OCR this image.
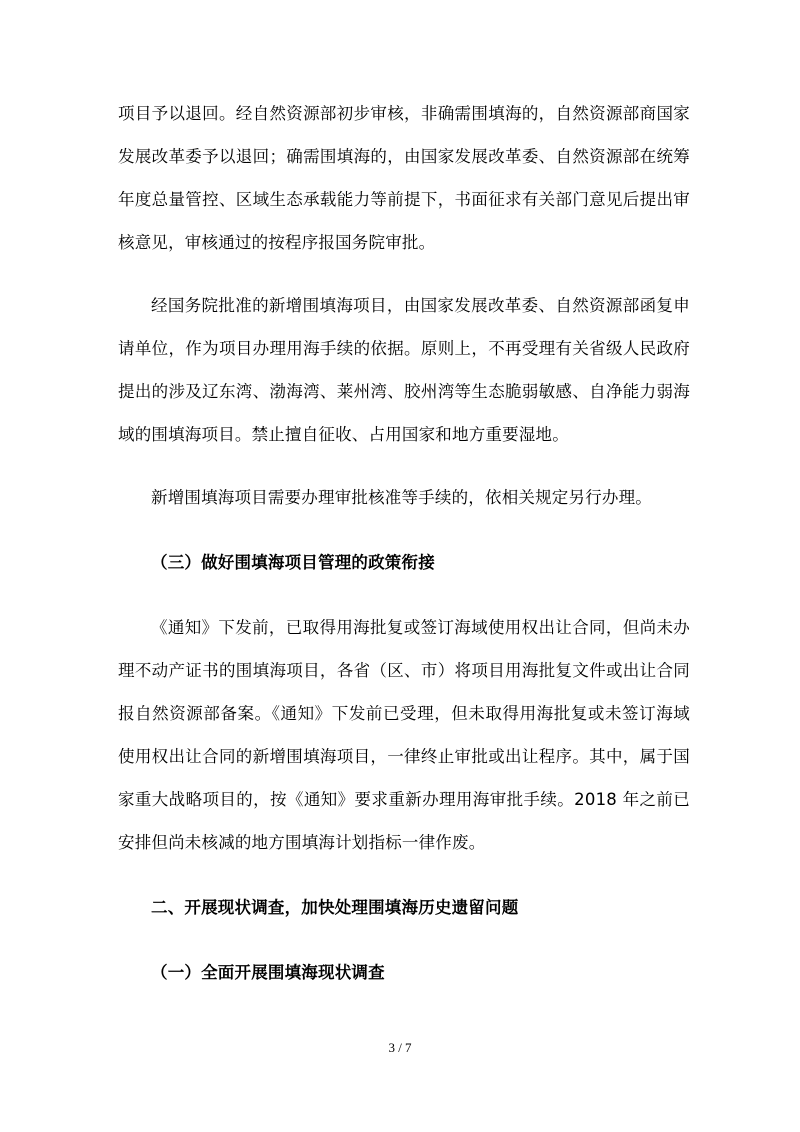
项目予以退回。经自然资源部初步审核，非确需围填海的，自然资源部商国家发展改革委予以退回；确需围填海的，由国家发展改革委、自然资源部在统筹年度总量管控、区域生态承载能力等前提下，书面征求有关部门意见后提出审核意见，审核通过的按程序报国务院审批。

经国务院批准的新增围填海项目，由国家发展改革委、自然资源部函复申请单位，作为项目办理用海手续的依据。原则上，不再受理有关省级人民政府提出的涉及辽东湾、渤海湾、莱州湾、胶州湾等生态脆弱敏感、自净能力弱海域的围填海项目。禁止擅自征收、占用国家和地方重要湿地。

新增围填海项目需要办理审批核准等手续的，依相关规定另行办理。

（三）做好围填海项目管理的政策衔接

《通知》下发前，已取得用海批复或签订海域使用权出让合同，但尚未办理不动产证书的围填海项目，各省（区、市）将项目用海批复文件或出让合同报自然资源部备案。《通知》下发前已受理，但未取得用海批复或未签订海域使用权出让合同的新增围填海项目，一律终止审批或出让程序。其中，属于国家重大战略项目的，按《通知》要求重新办理用海审批手续。2018 年之前已安排但尚未核减的地方围填海计划指标一律作废。

二、开展现状调查，加快处理围填海历史遗留问题

（一）全面开展围填海现状调查

3 / 7
